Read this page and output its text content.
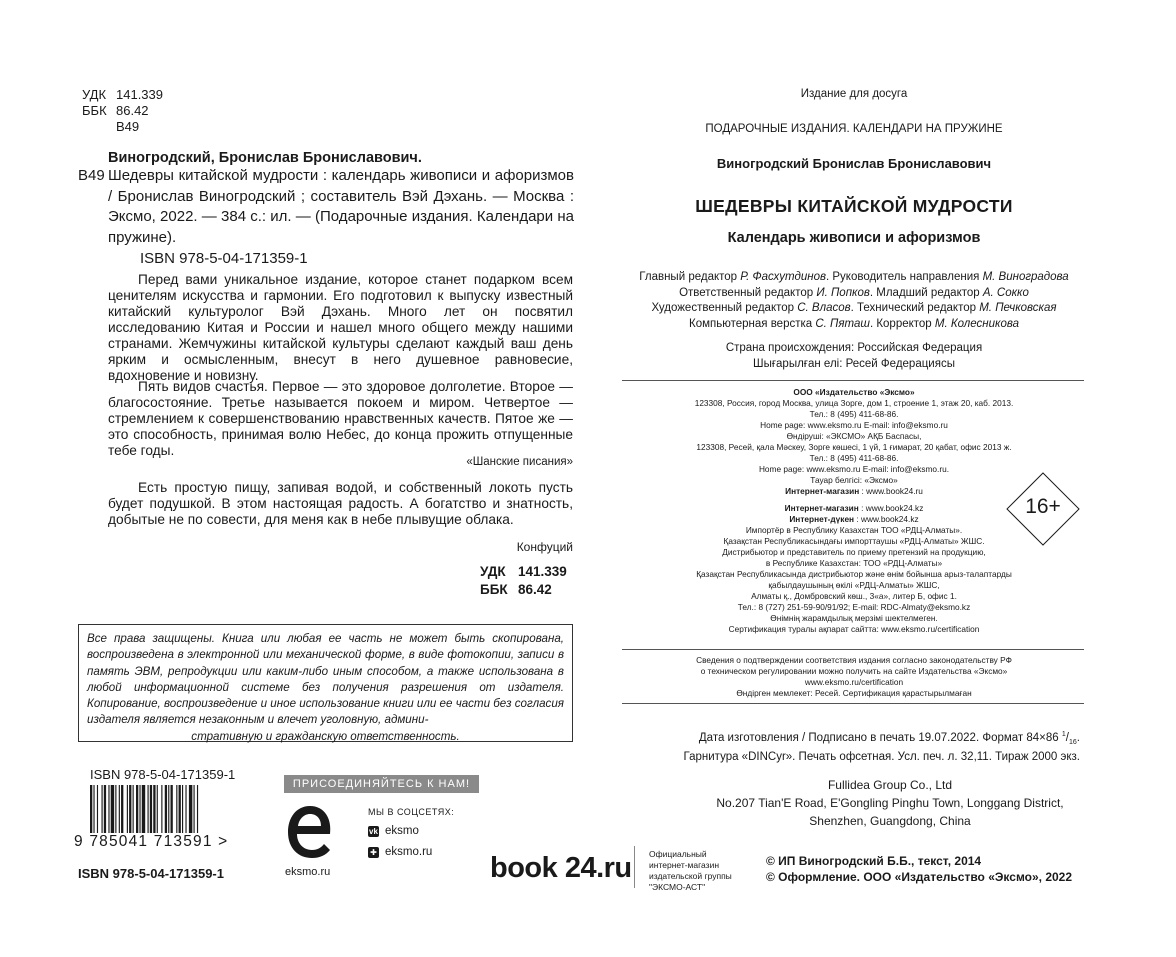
УДК 141.339
ББК 86.42
В49
Виногродский, Бронислав Брониславович.
В49 Шедевры китайской мудрости : календарь живописи и афоризмов / Бронислав Виногродский ; составитель Вэй Дэхань. — Москва : Эксмо, 2022. — 384 с.: ил. — (Подарочные издания. Календари на пружине).
ISBN 978-5-04-171359-1
Перед вами уникальное издание, которое станет подарком всем ценителям искусства и гармонии. Его подготовил к выпуску известный китайский культуролог Вэй Дэхань. Много лет он посвятил исследованию Китая и России и нашел много общего между нашими странами. Жемчужины китайской культуры сделают каждый ваш день ярким и осмысленным, внесут в него душевное равновесие, вдохновение и новизну.
Пять видов счастья. Первое — это здоровое долголетие. Второе — благосостояние. Третье называется покоем и миром. Четвертое — стремлением к совершенствованию нравственных качеств. Пятое же — это способность, принимая волю Небес, до конца прожить отпущенные тебе годы.
«Шанские писания»
Есть простую пищу, запивая водой, и собственный локоть пусть будет подушкой. В этом настоящая радость. А богатство и знатность, добытые не по совести, для меня как в небе плывущие облака.
Конфуций
УДК 141.339
ББК 86.42
Все права защищены. Книга или любая ее часть не может быть скопирована, воспроизведена в электронной или механической форме, в виде фотокопии, записи в память ЭВМ, репродукции или каким-либо иным способом, а также использована в любой информационной системе без получения разрешения от издателя. Копирование, воспроизведение и иное использование книги или ее части без согласия издателя является незаконным и влечет уголовную, админи-
стративную и гражданскую ответственность.
ISBN 978-5-04-171359-1
9 785041 713591 >
ISBN 978-5-04-171359-1
ПРИСОЕДИНЯЙТЕСЬ К НАМ!
eksmo.ru
МЫ В СОЦСЕТЯХ:
vk eksmo
✚ eksmo.ru book 24.ru Официальный
интернет-магазин
издательской группы
"ЭКСМО-АСТ"
Издание для досуга
ПОДАРОЧНЫЕ ИЗДАНИЯ. КАЛЕНДАРИ НА ПРУЖИНЕ
Виногродский Бронислав Брониславович
ШЕДЕВРЫ КИТАЙСКОЙ МУДРОСТИ
Календарь живописи и афоризмов
Главный редактор Р. Фасхутдинов. Руководитель направления М. Виноградова
Ответственный редактор И. Попков. Младший редактор А. Сокко
Художественный редактор С. Власов. Технический редактор М. Печковская
Компьютерная верстка С. Пяташ. Корректор М. Колесникова
Страна происхождения: Российская Федерация
Шығарылған елі: Ресей Федерациясы
ООО «Издательство «Эксмо»
123308, Россия, город Москва, улица Зорге, дом 1, строение 1, этаж 20, каб. 2013.
Тел.: 8 (495) 411-68-86.
Home page: www.eksmo.ru E-mail: info@eksmo.ru
Өндіруші: «ЭКСМО» АҚБ Баспасы,
123308, Ресей, қала Мәскеу, Зорге көшесі, 1 үй, 1 ғимарат, 20 қабат, офис 2013 ж.
Тел.: 8 (495) 411-68-86.
Home page: www.eksmo.ru E-mail: info@eksmo.ru.
Тауар белгісі: «Эксмо»
Интернет-магазин : www.book24.ru
Интернет-магазин : www.book24.kz
Интернет-дүкен : www.book24.kz
Импортёр в Республику Казахстан ТОО «РДЦ-Алматы».
Қазақстан Республикасындағы импорттаушы «РДЦ-Алматы» ЖШС.
Дистрибьютор и представитель по приему претензий на продукцию,
в Республике Казахстан: ТОО «РДЦ-Алматы»
Қазақстан Республикасында дистрибьютор және өнім бойынша арыз-талаптарды
қабылдаушының өкілі «РДЦ-Алматы» ЖШС,
Алматы қ., Домбровский көш., 3«а», литер Б, офис 1.
Тел.: 8 (727) 251-59-90/91/92; E-mail: RDC-Almaty@eksmo.kz
Өнімнің жарамдылық мерзімі шектелмеген.
Сертификация туралы ақпарат сайтта: www.eksmo.ru/certification
16+
Сведения о подтверждении соответствия издания согласно законодательству РФ
о техническом регулировании можно получить на сайте Издательства «Эксмо»
www.eksmo.ru/certification
Өндірген мемлекет: Ресей. Сертификация қарастырылмаған
Дата изготовления / Подписано в печать 19.07.2022. Формат 84×86 $^1/_{16}$.
Гарнитура «DINCyr». Печать офсетная. Усл. печ. л. 32,11. Тираж 2000 экз.
Fullidea Group Co., Ltd
No.207 Tian'E Road, E'Gongling Pinghu Town, Longgang District,
Shenzhen, Guangdong, China
© ИП Виногродский Б.Б., текст, 2014
© Оформление. ООО «Издательство «Эксмо», 2022
